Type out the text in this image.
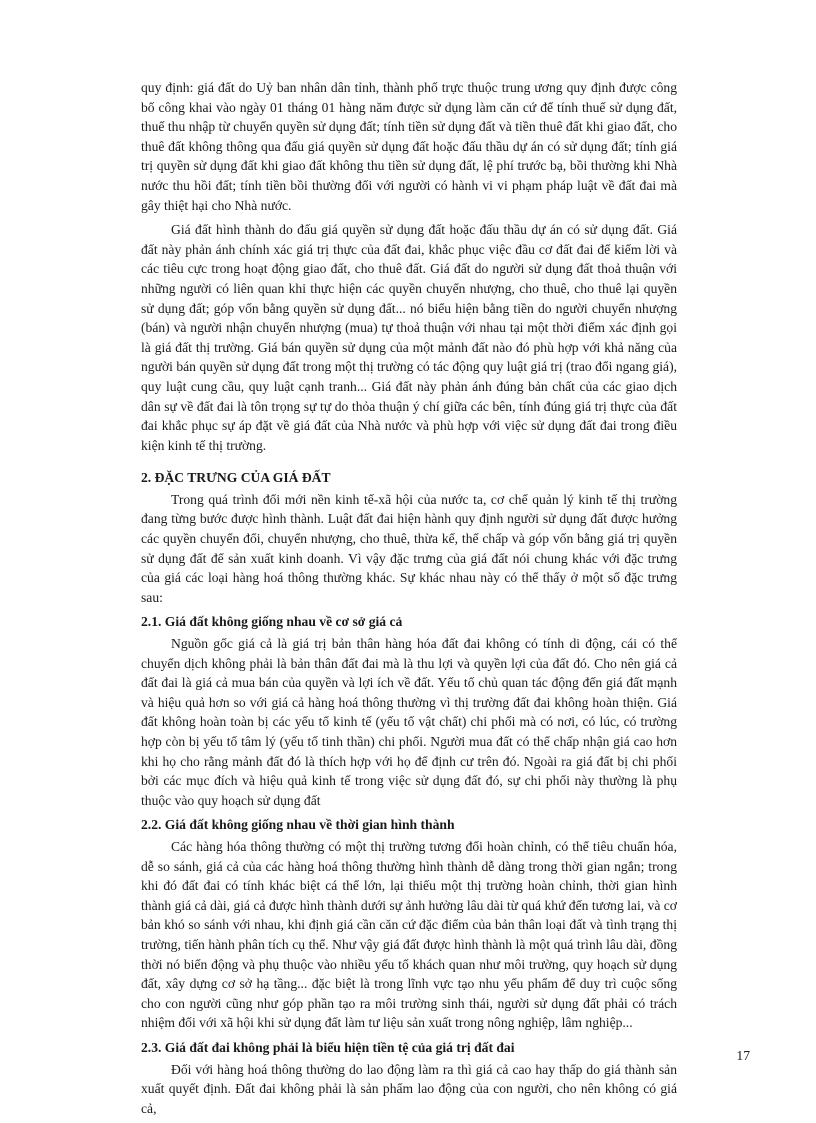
quy định: giá đất do Uỷ ban nhân dân tỉnh, thành phố trực thuộc trung ương quy định được công bố công khai vào ngày 01 tháng 01 hàng năm được sử dụng làm căn cứ để tính thuế sử dụng đất, thuế thu nhập từ chuyển quyền sử dụng đất; tính tiền sử dụng đất và tiền thuê đất khi giao đất, cho thuê đất không thông qua đấu giá quyền sử dụng đất hoặc đấu thầu dự án có sử dụng đất; tính giá trị quyền sử dụng đất khi giao đất không thu tiền sử dụng đất, lệ phí trước bạ, bồi thường khi Nhà nước thu hồi đất; tính tiền bồi thường đối với người có hành vi vi phạm pháp luật về đất đai mà gây thiệt hại cho Nhà nước.

Giá đất hình thành do đấu giá quyền sử dụng đất hoặc đấu thầu dự án có sử dụng đất. Giá đất này phản ánh chính xác giá trị thực của đất đai, khắc phục việc đầu cơ đất đai để kiếm lời và các tiêu cực trong hoạt động giao đất, cho thuê đất. Giá đất do người sử dụng đất thoả thuận với những người có liên quan khi thực hiện các quyền chuyển nhượng, cho thuê, cho thuê lại quyền sử dụng đất; góp vốn bằng quyền sử dụng đất... nó biểu hiện bằng tiền do người chuyển nhượng (bán) và người nhận chuyển nhượng (mua) tự thoả thuận với nhau tại một thời điểm xác định gọi là giá đất thị trường. Giá bán quyền sử dụng của một mảnh đất nào đó phù hợp với khả năng của người bán quyền sử dụng đất trong một thị trường có tác động quy luật giá trị (trao đổi ngang giá), quy luật cung cầu, quy luật cạnh tranh... Giá đất này phản ánh đúng bản chất của các giao dịch dân sự về đất đai là tôn trọng sự tự do thỏa thuận ý chí giữa các bên, tính đúng giá trị thực của đất đai khắc phục sự áp đặt về giá đất của Nhà nước và phù hợp với việc sử dụng đất đai trong điều kiện kinh tế thị trường.

2. ĐẶC TRƯNG CỦA GIÁ ĐẤT

Trong quá trình đổi mới nền kinh tế-xã hội của nước ta, cơ chế quản lý kinh tế thị trường đang từng bước được hình thành. Luật đất đai hiện hành quy định người sử dụng đất được hưởng các quyền chuyển đổi, chuyển nhượng, cho thuê, thừa kế, thế chấp và góp vốn bằng giá trị quyền sử dụng đất để sản xuất kinh doanh. Vì vậy đặc trưng của giá đất nói chung khác với đặc trưng của giá các loại hàng hoá thông thường khác. Sự khác nhau này có thể thấy ở một số đặc trưng sau:

2.1. Giá đất không giống nhau về cơ sở giá cả

Nguồn gốc giá cả là giá trị bản thân hàng hóa đất đai không có tính di động, cái có thể chuyển dịch không phải là bản thân đất đai mà là thu lợi và quyền lợi của đất đó. Cho nên giá cả đất đai là giá cả mua bán của quyền và lợi ích về đất. Yếu tố chủ quan tác động đến giá đất mạnh và hiệu quả hơn so với giá cả hàng hoá thông thường vì thị trường đất đai không hoàn thiện. Giá đất không hoàn toàn bị các yếu tố kinh tế (yếu tố vật chất) chi phối mà có nơi, có lúc, có trường hợp còn bị yếu tố tâm lý (yếu tố tinh thần) chi phối. Người mua đất có thể chấp nhận giá cao hơn khi họ cho rằng mảnh đất đó là thích hợp với họ để định cư trên đó. Ngoài ra giá đất bị chi phối bởi các mục đích và hiệu quả kinh tế trong việc sử dụng đất đó, sự chi phối này thường là phụ thuộc vào quy hoạch sử dụng đất

2.2. Giá đất không giống nhau về thời gian hình thành

Các hàng hóa thông thường có một thị trường tương đối hoàn chỉnh, có thể tiêu chuẩn hóa, dễ so sánh, giá cả của các hàng hoá thông thường hình thành dễ dàng trong thời gian ngắn; trong khi đó đất đai có tính khác biệt cá thể lớn, lại thiếu một thị trường hoàn chỉnh, thời gian hình thành giá cả dài, giá cả được hình thành dưới sự ảnh hưởng lâu dài từ quá khứ đến tương lai, và cơ bản khó so sánh với nhau, khi định giá cần căn cứ đặc điểm của bản thân loại đất và tình trạng thị trường, tiến hành phân tích cụ thể. Như vậy giá đất được hình thành là một quá trình lâu dài, đồng thời nó biến động và phụ thuộc vào nhiều yếu tố khách quan như môi trường, quy hoạch sử dụng đất, xây dựng cơ sở hạ tầng... đặc biệt là trong lĩnh vực tạo nhu yếu phẩm để duy trì cuộc sống cho con người cũng như góp phần tạo ra môi trường sinh thái, người sử dụng đất phải có trách nhiệm đối với xã hội khi sử dụng đất làm tư liệu sản xuất trong nông nghiệp, lâm nghiệp...

2.3. Giá đất đai không phải là biểu hiện tiền tệ của giá trị đất đai

Đối với hàng hoá thông thường do lao động làm ra thì giá cả cao hay thấp do giá thành sản xuất quyết định. Đất đai không phải là sản phẩm lao động của con người, cho nên không có giá cả,

17
